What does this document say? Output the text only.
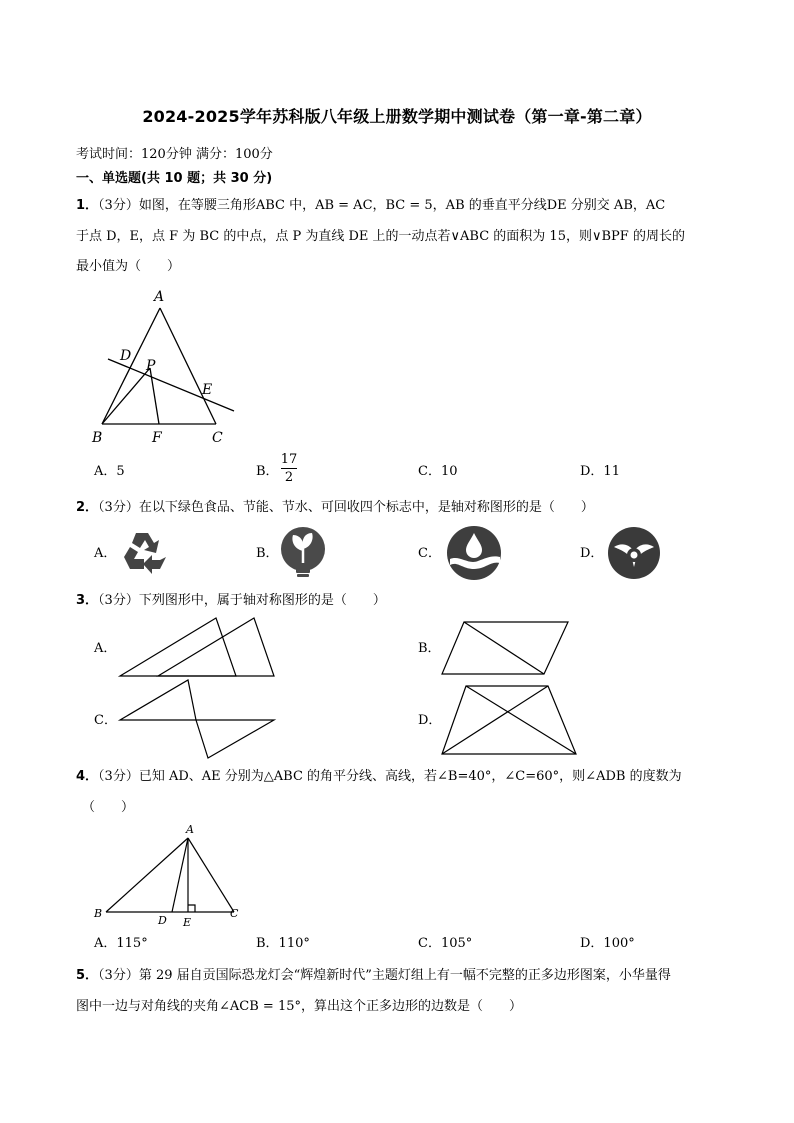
2024-2025学年苏科版八年级上册数学期中测试卷（第一章-第二章）
考试时间：120分钟 满分：100分
一、单选题(共 10 题；共 30 分)
1．（3分）如图，在等腰三角形ABC 中，AB = AC，BC = 5，AB 的垂直平分线DE 分别交 AB，AC
于点 D，E，点 F 为 BC 的中点，点 P 为直线 DE 上的一动点若∨ABC 的面积为 15，则∨BPF 的周长的
最小值为（　　）
A
D
P
E
B	F	C
A．5	B．
17
2	C．10	D．11
2．（3分）在以下绿色食品、节能、节水、可回收四个标志中，是轴对称图形的是（　　）
A．	B．	C．	D．
3．（3分）下列图形中，属于轴对称图形的是（　　）
A．	B．
C．	D．
4．（3分）已知 AD、AE 分别为△ABC 的角平分线、高线，若∠B=40°，∠C=60°，则∠ADB 的度数为
（　　）
A
B	C
D E
A．115°	B．110°	C．105°	D．100°
5．（3分）第 29 届自贡国际恐龙灯会“辉煌新时代”主题灯组上有一幅不完整的正多边形图案，小华量得
图中一边与对角线的夹角∠ACB = 15°，算出这个正多边形的边数是（　　）
